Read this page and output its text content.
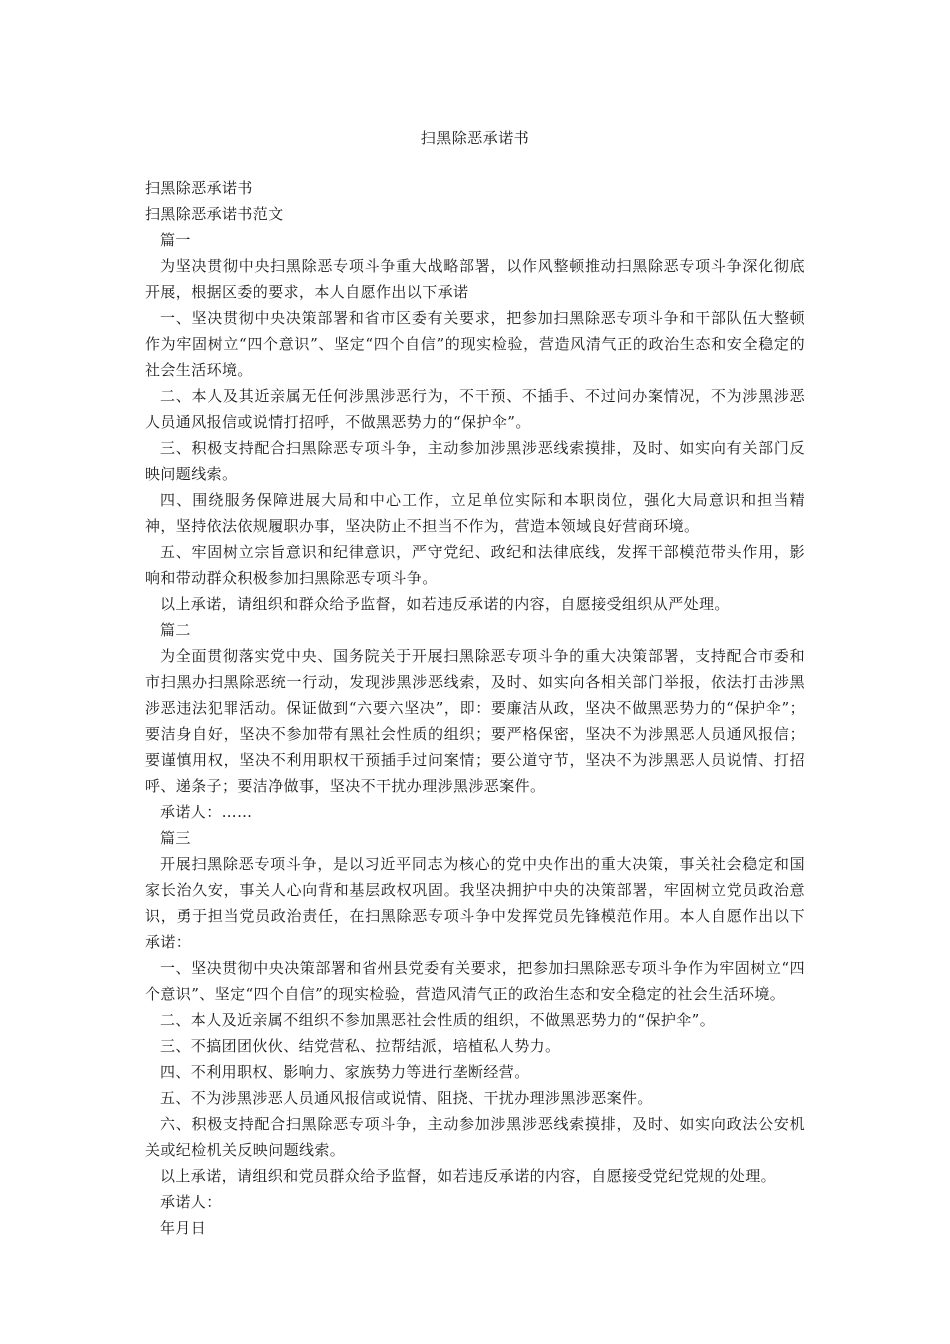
扫黑除恶承诺书

扫黑除恶承诺书

扫黑除恶承诺书范文

篇一

为坚决贯彻中央扫黑除恶专项斗争重大战略部署，以作风整顿推动扫黑除恶专项斗争深化彻底开展，根据区委的要求，本人自愿作出以下承诺

一、坚决贯彻中央决策部署和省市区委有关要求，把参加扫黑除恶专项斗争和干部队伍大整顿作为牢固树立“四个意识”、坚定“四个自信”的现实检验，营造风清气正的政治生态和安全稳定的社会生活环境。

二、本人及其近亲属无任何涉黑涉恶行为，不干预、不插手、不过问办案情况，不为涉黑涉恶人员通风报信或说情打招呼，不做黑恶势力的“保护伞”。

三、积极支持配合扫黑除恶专项斗争，主动参加涉黑涉恶线索摸排，及时、如实向有关部门反映问题线索。

四、围绕服务保障进展大局和中心工作，立足单位实际和本职岗位，强化大局意识和担当精神，坚持依法依规履职办事，坚决防止不担当不作为，营造本领域良好营商环境。

五、牢固树立宗旨意识和纪律意识，严守党纪、政纪和法律底线，发挥干部模范带头作用，影响和带动群众积极参加扫黑除恶专项斗争。

以上承诺，请组织和群众给予监督，如若违反承诺的内容，自愿接受组织从严处理。

篇二

为全面贯彻落实党中央、国务院关于开展扫黑除恶专项斗争的重大决策部署，支持配合市委和市扫黑办扫黑除恶统一行动，发现涉黑涉恶线索，及时、如实向各相关部门举报，依法打击涉黑涉恶违法犯罪活动。保证做到“六要六坚决”，即：要廉洁从政，坚决不做黑恶势力的“保护伞”；要洁身自好，坚决不参加带有黑社会性质的组织；要严格保密，坚决不为涉黑恶人员通风报信；要谨慎用权，坚决不利用职权干预插手过问案情；要公道守节，坚决不为涉黑恶人员说情、打招呼、递条子；要洁净做事，坚决不干扰办理涉黑涉恶案件。

承诺人：……

篇三

开展扫黑除恶专项斗争，是以习近平同志为核心的党中央作出的重大决策，事关社会稳定和国家长治久安，事关人心向背和基层政权巩固。我坚决拥护中央的决策部署，牢固树立党员政治意识，勇于担当党员政治责任，在扫黑除恶专项斗争中发挥党员先锋模范作用。本人自愿作出以下承诺：

一、坚决贯彻中央决策部署和省州县党委有关要求，把参加扫黑除恶专项斗争作为牢固树立“四个意识”、坚定“四个自信”的现实检验，营造风清气正的政治生态和安全稳定的社会生活环境。

二、本人及近亲属不组织不参加黑恶社会性质的组织，不做黑恶势力的“保护伞”。

三、不搞团团伙伙、结党营私、拉帮结派，培植私人势力。

四、不利用职权、影响力、家族势力等进行垄断经营。

五、不为涉黑涉恶人员通风报信或说情、阻挠、干扰办理涉黑涉恶案件。

六、积极支持配合扫黑除恶专项斗争，主动参加涉黑涉恶线索摸排，及时、如实向政法公安机关或纪检机关反映问题线索。

以上承诺，请组织和党员群众给予监督，如若违反承诺的内容，自愿接受党纪党规的处理。

承诺人：

年月日
